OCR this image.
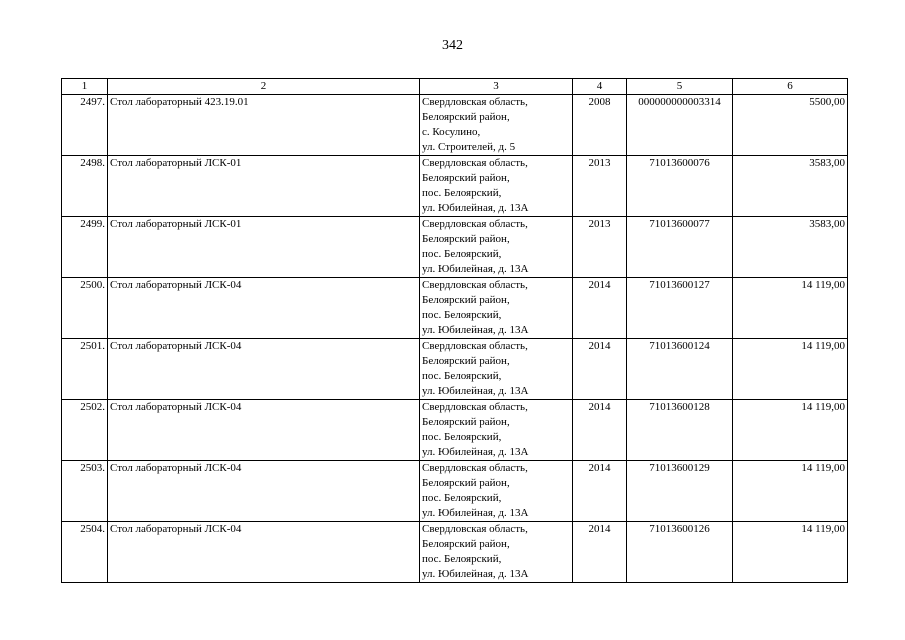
342
1	2	3	4	5	6
2497.	Стол лабораторный 423.19.01	Свердловская область,
Белоярский район,
с. Косулино,
ул. Строителей, д. 5	2008	000000000003314	5500,00
2498.	Стол лабораторный ЛСК-01	Свердловская область,
Белоярский район,
пос. Белоярский,
ул. Юбилейная, д. 13А	2013	71013600076	3583,00
2499.	Стол лабораторный ЛСК-01	Свердловская область,
Белоярский район,
пос. Белоярский,
ул. Юбилейная, д. 13А	2013	71013600077	3583,00
2500.	Стол лабораторный ЛСК-04	Свердловская область,
Белоярский район,
пос. Белоярский,
ул. Юбилейная, д. 13А	2014	71013600127	14 119,00
2501.	Стол лабораторный ЛСК-04	Свердловская область,
Белоярский район,
пос. Белоярский,
ул. Юбилейная, д. 13А	2014	71013600124	14 119,00
2502.	Стол лабораторный ЛСК-04	Свердловская область,
Белоярский район,
пос. Белоярский,
ул. Юбилейная, д. 13А	2014	71013600128	14 119,00
2503.	Стол лабораторный ЛСК-04	Свердловская область,
Белоярский район,
пос. Белоярский,
ул. Юбилейная, д. 13А	2014	71013600129	14 119,00
2504.	Стол лабораторный ЛСК-04	Свердловская область,
Белоярский район,
пос. Белоярский,
ул. Юбилейная, д. 13А	2014	71013600126	14 119,00
